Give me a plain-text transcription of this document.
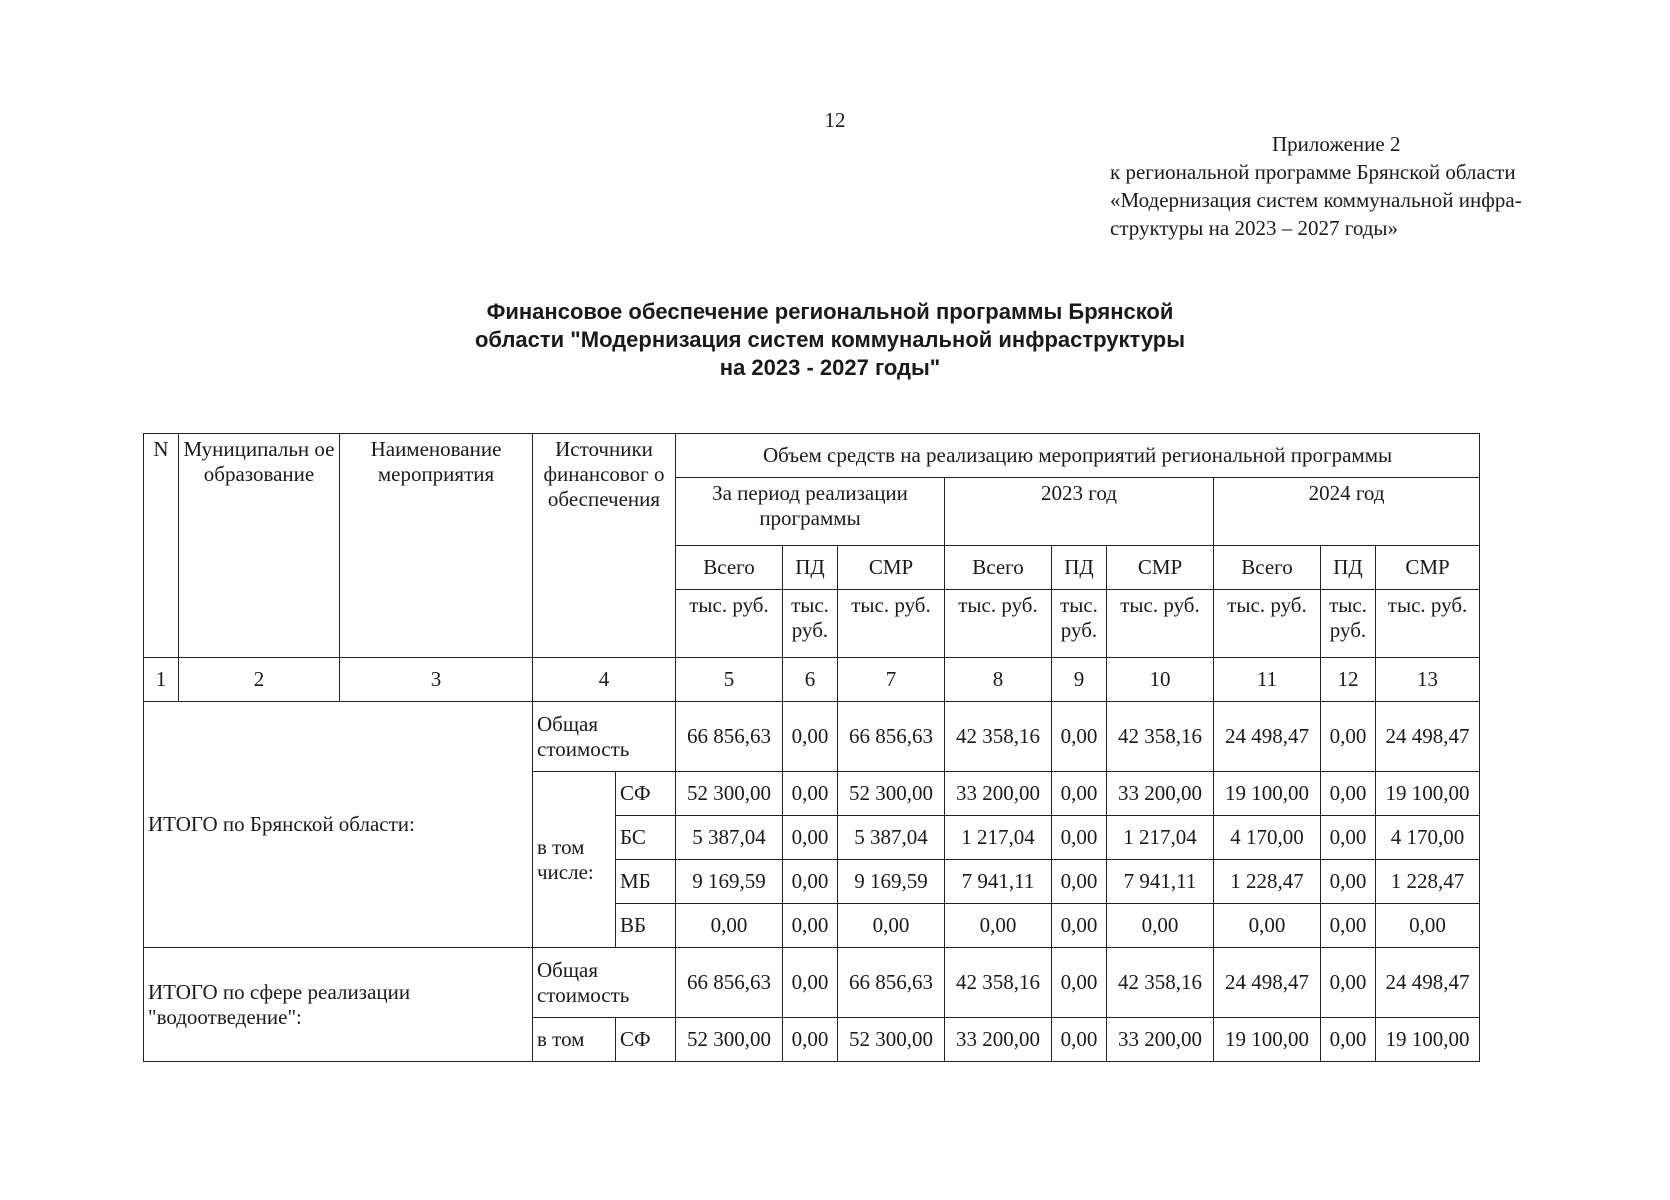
12
Приложение 2
к региональной программе Брянской области
«Модернизация систем коммунальной инфра-
структуры на 2023 – 2027 годы»
Финансовое обеспечение региональной программы Брянской
области "Модернизация систем коммунальной инфраструктуры
на 2023 - 2027 годы"
N	Муниципальн ое образование	Наименование мероприятия	Источники финансовог о обеспечения		Объем средств на реализацию мероприятий региональной программы								
					За период реализации программы			2023 год			2024 год		
					Всего	ПД	СМР	Всего	ПД	СМР	Всего	ПД	СМР
					тыс. руб.	тыс. руб.	тыс. руб.	тыс. руб.	тыс. руб.	тыс. руб.	тыс. руб.	тыс. руб.	тыс. руб.
1	2	3	4		5	6	7	8	9	10	11	12	13
ИТОГО по Брянской области:			Общая стоимость		66 856,63	0,00	66 856,63	42 358,16	0,00	42 358,16	24 498,47	0,00	24 498,47
			в том числе:	СФ	52 300,00	0,00	52 300,00	33 200,00	0,00	33 200,00	19 100,00	0,00	19 100,00
				БС	5 387,04	0,00	5 387,04	1 217,04	0,00	1 217,04	4 170,00	0,00	4 170,00
				МБ	9 169,59	0,00	9 169,59	7 941,11	0,00	7 941,11	1 228,47	0,00	1 228,47
				ВБ	0,00	0,00	0,00	0,00	0,00	0,00	0,00	0,00	0,00
ИТОГО по сфере реализации "водоотведение":			Общая стоимость		66 856,63	0,00	66 856,63	42 358,16	0,00	42 358,16	24 498,47	0,00	24 498,47
			в том	СФ	52 300,00	0,00	52 300,00	33 200,00	0,00	33 200,00	19 100,00	0,00	19 100,00
